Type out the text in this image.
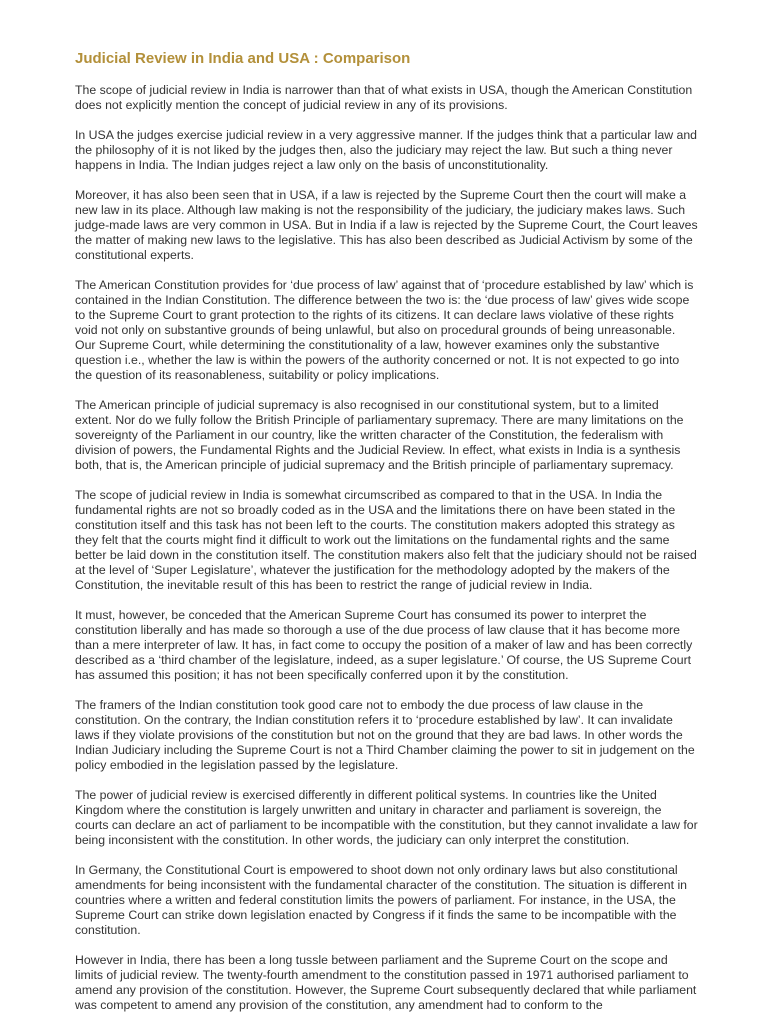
Judicial Review in India and USA : Comparison

The scope of judicial review in India is narrower than that of what exists in USA, though the American Constitution does not explicitly mention the concept of judicial review in any of its provisions.

In USA the judges exercise judicial review in a very aggressive manner. If the judges think that a particular law and the philosophy of it is not liked by the judges then, also the judiciary may reject the law. But such a thing never happens in India. The Indian judges reject a law only on the basis of unconstitutionality.

Moreover, it has also been seen that in USA, if a law is rejected by the Supreme Court then the court will make a new law in its place. Although law making is not the responsibility of the judiciary, the judiciary makes laws. Such judge-made laws are very common in USA. But in India if a law is rejected by the Supreme Court, the Court leaves the matter of making new laws to the legislative. This has also been described as Judicial Activism by some of the constitutional experts.

The American Constitution provides for ‘due process of law’ against that of ‘procedure established by law’ which is contained in the Indian Constitution. The difference between the two is: the ‘due process of law’ gives wide scope to the Supreme Court to grant protection to the rights of its citizens. It can declare laws violative of these rights void not only on substantive grounds of being unlawful, but also on procedural grounds of being unreasonable. Our Supreme Court, while determining the constitutionality of a law, however examines only the substantive question i.e., whether the law is within the powers of the authority concerned or not. It is not expected to go into the question of its reasonableness, suitability or policy implications.

The American principle of judicial supremacy is also recognised in our constitutional system, but to a limited extent. Nor do we fully follow the British Principle of parliamentary supremacy. There are many limitations on the sovereignty of the Parliament in our country, like the written character of the Constitution, the federalism with division of powers, the Fundamental Rights and the Judicial Review. In effect, what exists in India is a synthesis both, that is, the American principle of judicial supremacy and the British principle of parliamentary supremacy.

The scope of judicial review in India is somewhat circumscribed as compared to that in the USA. In India the fundamental rights are not so broadly coded as in the USA and the limitations there on have been stated in the constitution itself and this task has not been left to the courts. The constitution makers adopted this strategy as they felt that the courts might find it difficult to work out the limitations on the fundamental rights and the same better be laid down in the constitution itself. The constitution makers also felt that the judiciary should not be raised at the level of ‘Super Legislature’, whatever the justification for the methodology adopted by the makers of the Constitution, the inevitable result of this has been to restrict the range of judicial review in India.

It must, however, be conceded that the American Supreme Court has consumed its power to interpret the constitution liberally and has made so thorough a use of the due process of law clause that it has become more than a mere interpreter of law. It has, in fact come to occupy the position of a maker of law and has been correctly described as a ‘third chamber of the legislature, indeed, as a super legislature.’ Of course, the US Supreme Court has assumed this position; it has not been specifically conferred upon it by the constitution.

The framers of the Indian constitution took good care not to embody the due process of law clause in the constitution. On the contrary, the Indian constitution refers it to ‘procedure established by law’. It can invalidate laws if they violate provisions of the constitution but not on the ground that they are bad laws. In other words the Indian Judiciary including the Supreme Court is not a Third Chamber claiming the power to sit in judgement on the policy embodied in the legislation passed by the legislature.

The power of judicial review is exercised differently in different political systems. In countries like the United Kingdom where the constitution is largely unwritten and unitary in character and parliament is sovereign, the courts can declare an act of parliament to be incompatible with the constitution, but they cannot invalidate a law for being inconsistent with the constitution. In other words, the judiciary can only interpret the constitution.

In Germany, the Constitutional Court is empowered to shoot down not only ordinary laws but also constitutional amendments for being inconsistent with the fundamental character of the constitution. The situation is different in countries where a written and federal constitution limits the powers of parliament. For instance, in the USA, the Supreme Court can strike down legislation enacted by Congress if it finds the same to be incompatible with the constitution.

However in India, there has been a long tussle between parliament and the Supreme Court on the scope and limits of judicial review. The twenty-fourth amendment to the constitution passed in 1971 authorised parliament to amend any provision of the constitution. However, the Supreme Court subsequently declared that while parliament was competent to amend any provision of the constitution, any amendment had to conform to the
